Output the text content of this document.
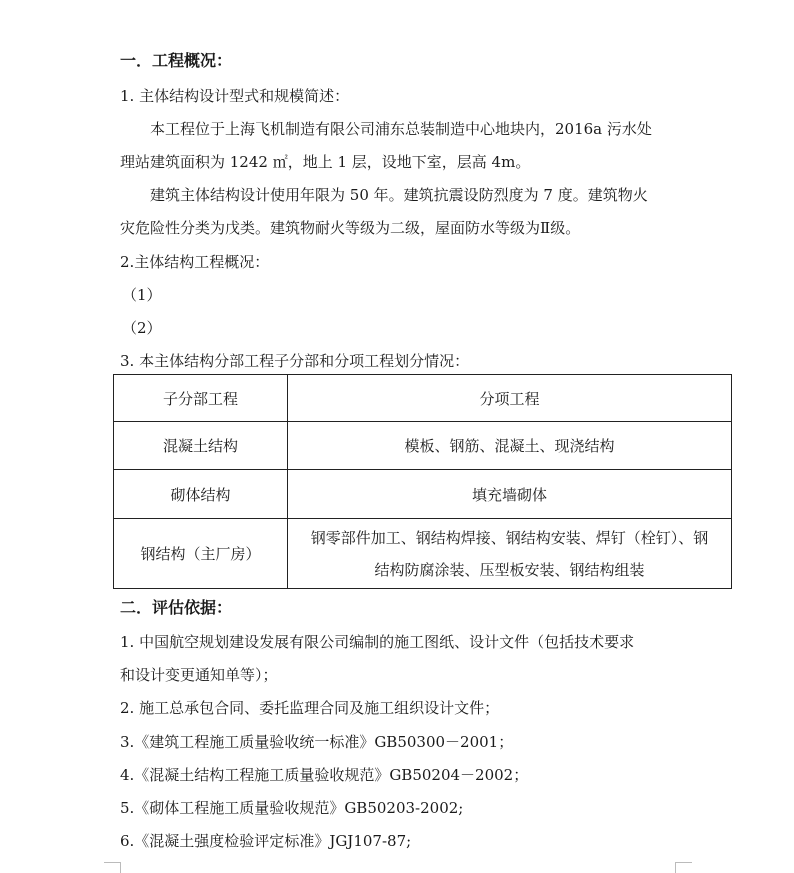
一．工程概况：
1. 主体结构设计型式和规模简述：
本工程位于上海飞机制造有限公司浦东总装制造中心地块内，2016a 污水处
理站建筑面积为 1242 ㎡，地上 1 层，设地下室，层高 4m。
建筑主体结构设计使用年限为 50 年。建筑抗震设防烈度为 7 度。建筑物火
灾危险性分类为戊类。建筑物耐火等级为二级，屋面防水等级为Ⅱ级。
2.主体结构工程概况：
（1）
（2）
3. 本主体结构分部工程子分部和分项工程划分情况：
子分部工程	分项工程
混凝土结构	模板、钢筋、混凝土、现浇结构
砌体结构	填充墙砌体
钢结构（主厂房）	钢零部件加工、钢结构焊接、钢结构安装、焊钉（栓钉）、钢
结构防腐涂装、压型板安装、钢结构组装
二．评估依据：
1. 中国航空规划建设发展有限公司编制的施工图纸、设计文件（包括技术要求
和设计变更通知单等）；
2. 施工总承包合同、委托监理合同及施工组织设计文件；
3.《建筑工程施工质量验收统一标准》GB50300－2001；
4.《混凝土结构工程施工质量验收规范》GB50204－2002；
5.《砌体工程施工质量验收规范》GB50203-2002;
6.《混凝土强度检验评定标准》JGJ107-87;
